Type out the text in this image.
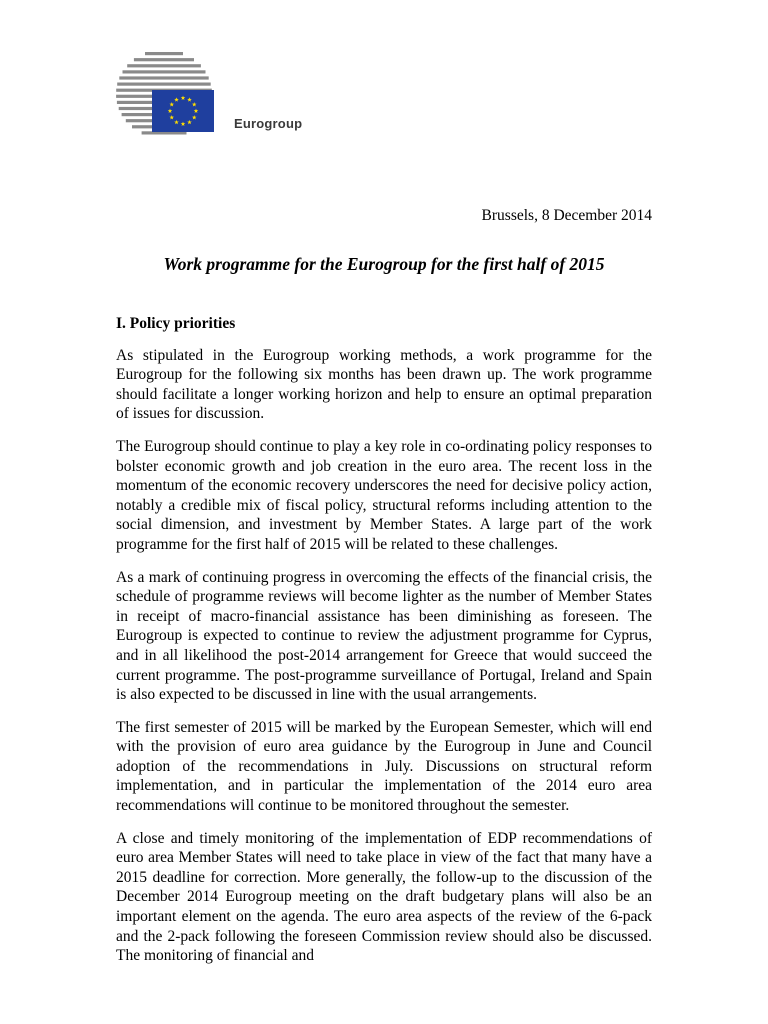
Eurogroup
Brussels, 8 December 2014
Work programme for the Eurogroup for the first half of 2015
I. Policy priorities

As stipulated in the Eurogroup working methods, a work programme for the Eurogroup for the following six months has been drawn up. The work programme should facilitate a longer working horizon and help to ensure an optimal preparation of issues for discussion.

The Eurogroup should continue to play a key role in co-ordinating policy responses to bolster economic growth and job creation in the euro area. The recent loss in the momentum of the economic recovery underscores the need for decisive policy action, notably a credible mix of fiscal policy, structural reforms including attention to the social dimension, and investment by Member States. A large part of the work programme for the first half of 2015 will be related to these challenges.

As a mark of continuing progress in overcoming the effects of the financial crisis, the schedule of programme reviews will become lighter as the number of Member States in receipt of macro-financial assistance has been diminishing as foreseen. The Eurogroup is expected to continue to review the adjustment programme for Cyprus, and in all likelihood the post-2014 arrangement for Greece that would succeed the current programme. The post-programme surveillance of Portugal, Ireland and Spain is also expected to be discussed in line with the usual arrangements.

The first semester of 2015 will be marked by the European Semester, which will end with the provision of euro area guidance by the Eurogroup in June and Council adoption of the recommendations in July. Discussions on structural reform implementation, and in particular the implementation of the 2014 euro area recommendations will continue to be monitored throughout the semester.

A close and timely monitoring of the implementation of EDP recommendations of euro area Member States will need to take place in view of the fact that many have a 2015 deadline for correction. More generally, the follow-up to the discussion of the December 2014 Eurogroup meeting on the draft budgetary plans will also be an important element on the agenda. The euro area aspects of the review of the 6-pack and the 2-pack following the foreseen Commission review should also be discussed. The monitoring of financial and
